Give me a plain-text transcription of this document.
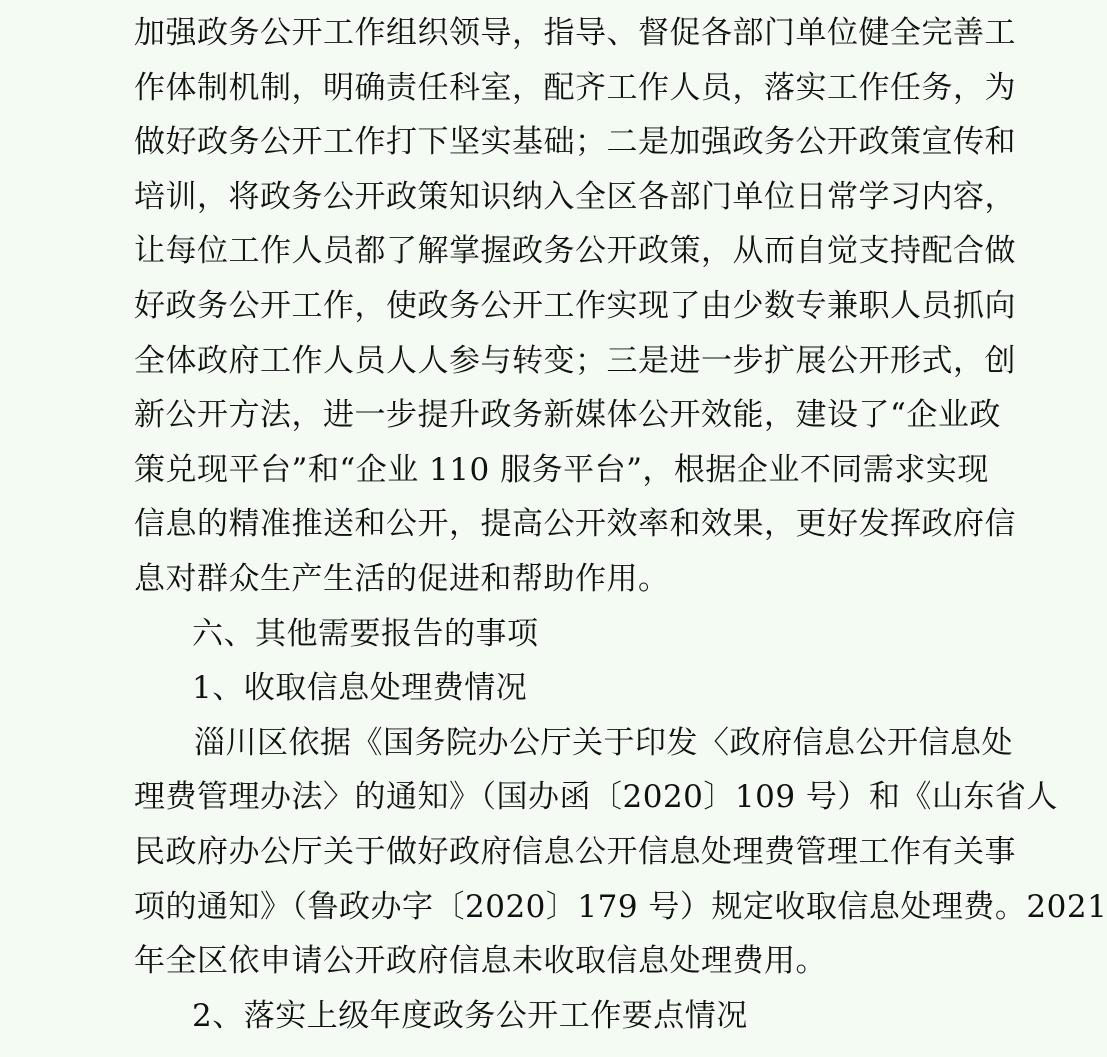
加强政务公开工作组织领导，指导、督促各部门单位健全完善工
作体制机制，明确责任科室，配齐工作人员，落实工作任务，为
做好政务公开工作打下坚实基础；二是加强政务公开政策宣传和
培训，将政务公开政策知识纳入全区各部门单位日常学习内容，
让每位工作人员都了解掌握政务公开政策，从而自觉支持配合做
好政务公开工作，使政务公开工作实现了由少数专兼职人员抓向
全体政府工作人员人人参与转变；三是进一步扩展公开形式，创
新公开方法，进一步提升政务新媒体公开效能，建设了“企业政
策兑现平台”和“企业 110 服务平台”，根据企业不同需求实现
信息的精准推送和公开，提高公开效率和效果，更好发挥政府信
息对群众生产生活的促进和帮助作用。
六、其他需要报告的事项
1、收取信息处理费情况
淄川区依据《国务院办公厅关于印发〈政府信息公开信息处
理费管理办法〉的通知》（国办函〔2020〕109 号）和《山东省人
民政府办公厅关于做好政府信息公开信息处理费管理工作有关事
项的通知》（鲁政办字〔2020〕179 号）规定收取信息处理费。2021
年全区依申请公开政府信息未收取信息处理费用。
2、落实上级年度政务公开工作要点情况
